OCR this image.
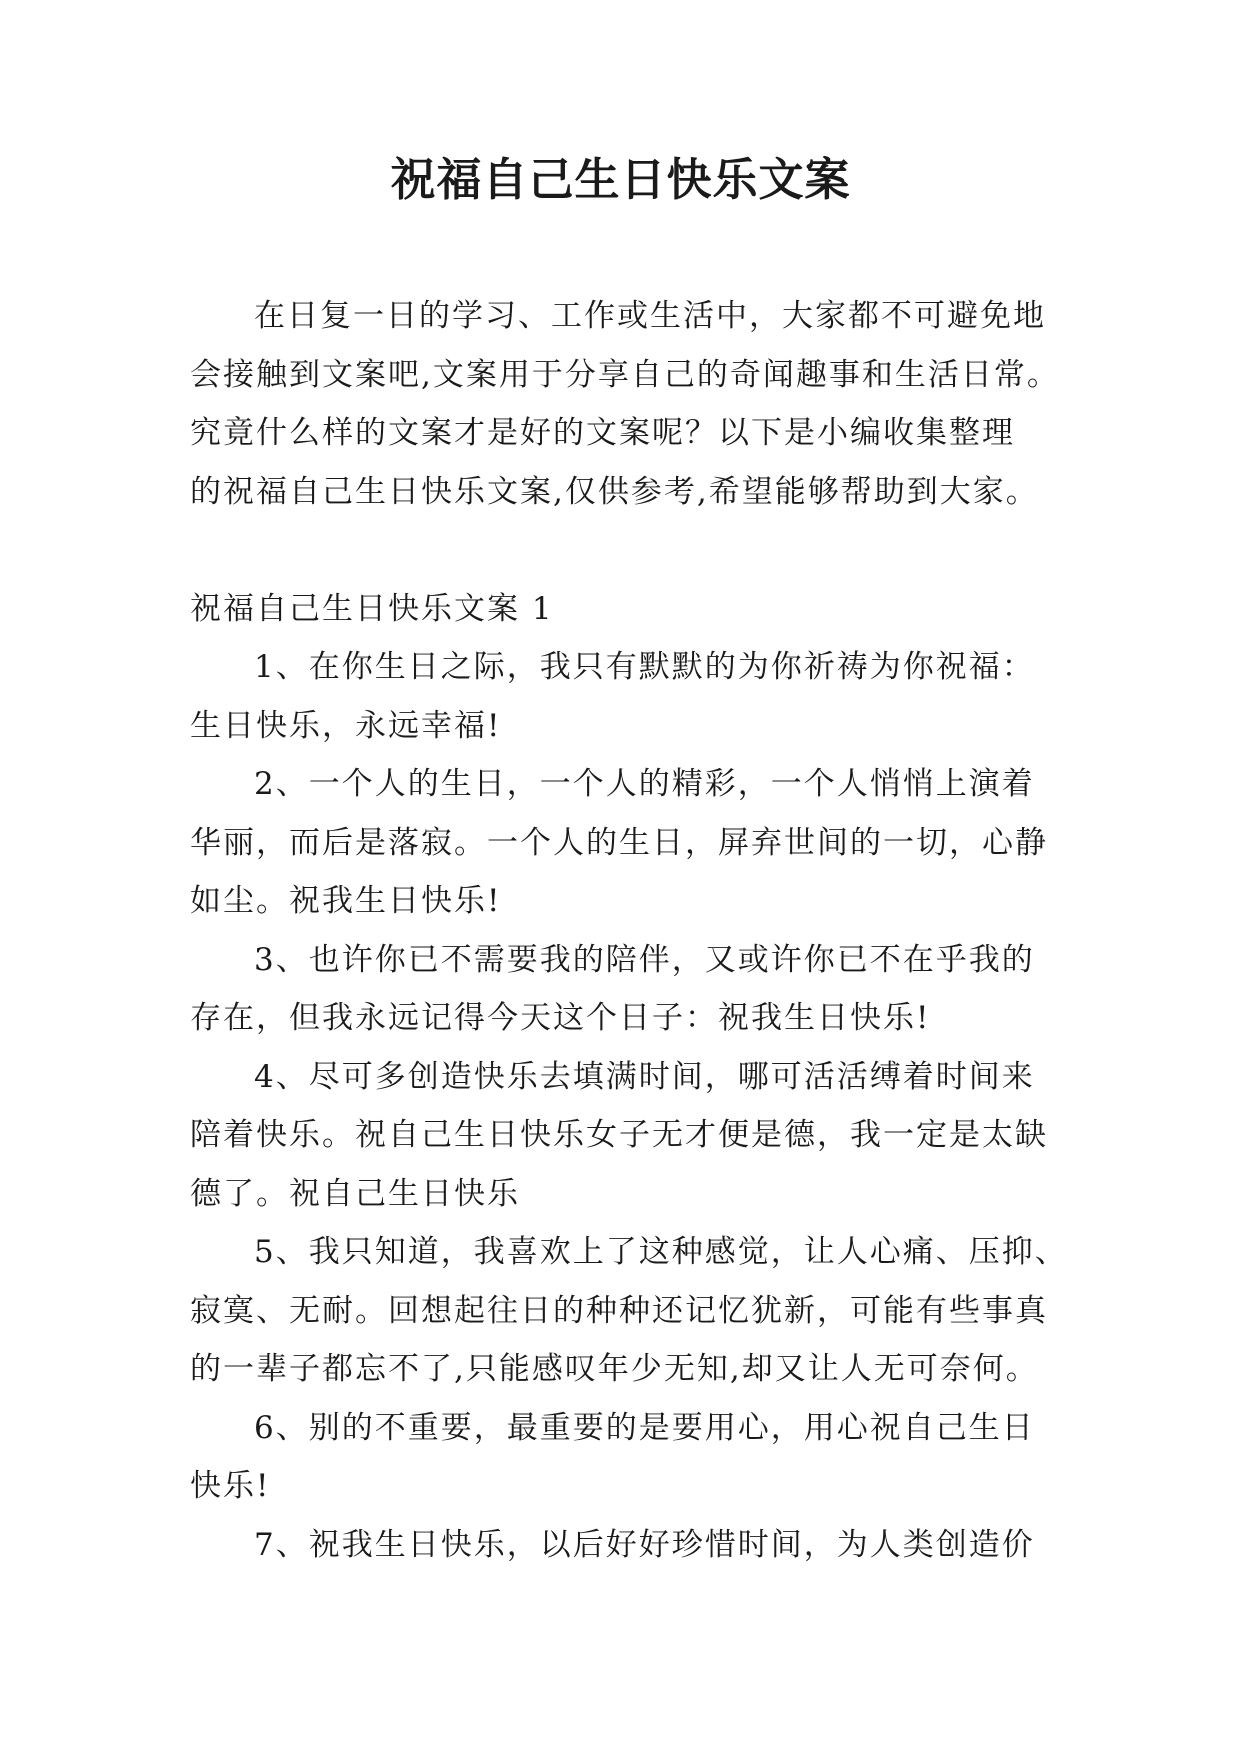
祝福自己生日快乐文案
在日复一日的学习、工作或生活中，大家都不可避免地
会接触到文案吧,文案用于分享自己的奇闻趣事和生活日常。
究竟什么样的文案才是好的文案呢？以下是小编收集整理
的祝福自己生日快乐文案,仅供参考,希望能够帮助到大家。
祝福自己生日快乐文案 1
1、在你生日之际，我只有默默的为你祈祷为你祝福：
生日快乐，永远幸福!
2、一个人的生日，一个人的精彩，一个人悄悄上演着
华丽，而后是落寂。一个人的生日，屏弃世间的一切，心静
如尘。祝我生日快乐!
3、也许你已不需要我的陪伴，又或许你已不在乎我的
存在，但我永远记得今天这个日子：祝我生日快乐!
4、尽可多创造快乐去填满时间，哪可活活缚着时间来
陪着快乐。祝自己生日快乐女子无才便是德，我一定是太缺
德了。祝自己生日快乐
5、我只知道，我喜欢上了这种感觉，让人心痛、压抑、
寂寞、无耐。回想起往日的种种还记忆犹新，可能有些事真
的一辈子都忘不了,只能感叹年少无知,却又让人无可奈何。
6、别的不重要，最重要的是要用心，用心祝自己生日
快乐!
7、祝我生日快乐，以后好好珍惜时间，为人类创造价
